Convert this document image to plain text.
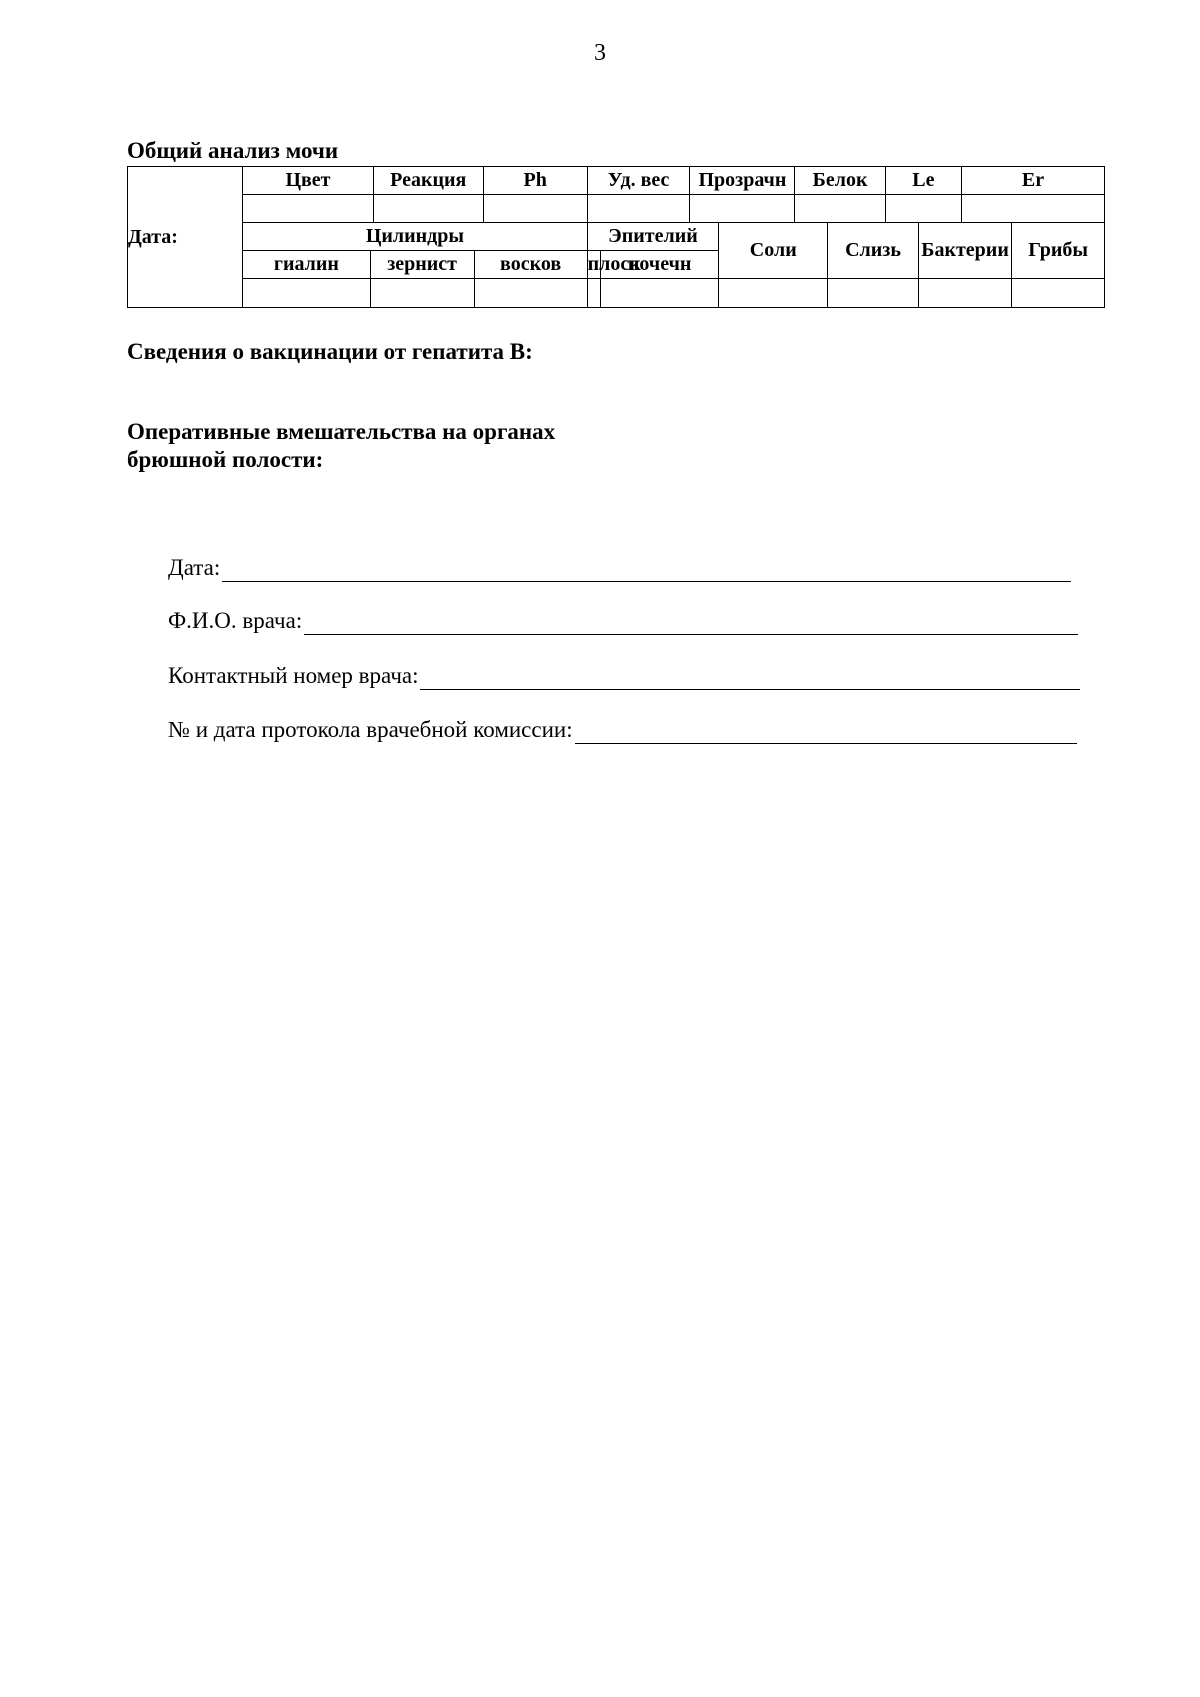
3
Общий анализ мочи
Дата:	Цвет		Реакция		Ph	Уд. вес		Прозрачн		Белок		Le		Er	

	Цилиндры					Эпителий			Соли		Слизь		Бактерии		Грибы
	гиалин	зернист		восков		плоск	почечн								

Сведения о вакцинации от гепатита В:
Оперативные вмешательства на органах
брюшной полости:
Дата:
Ф.И.О. врача:
Контактный номер врача:
№ и дата протокола врачебной комиссии:
